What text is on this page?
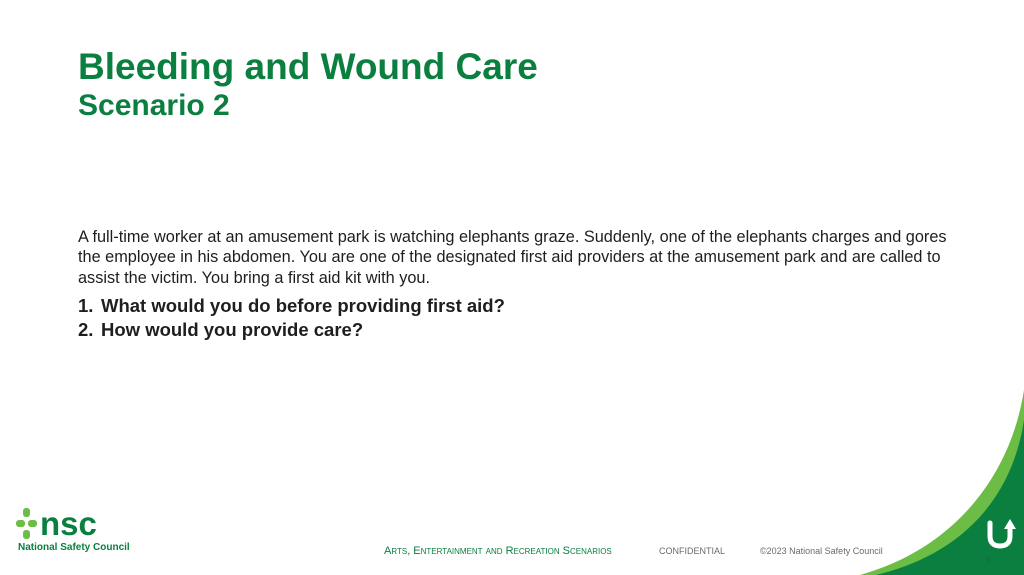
Bleeding and Wound Care
Scenario 2

A full-time worker at an amusement park is watching elephants graze. Suddenly, one of the elephants charges and gores the employee in his abdomen. You are one of the designated first aid providers at the amusement park and are called to assist the victim. You bring a first aid kit with you.

1. What would you do before providing first aid?
2. How would you provide care?
nsc
National Safety Council	Arts, Entertainment and Recreation Scenarios	CONFIDENTIAL	©2023 National Safety Council
9
